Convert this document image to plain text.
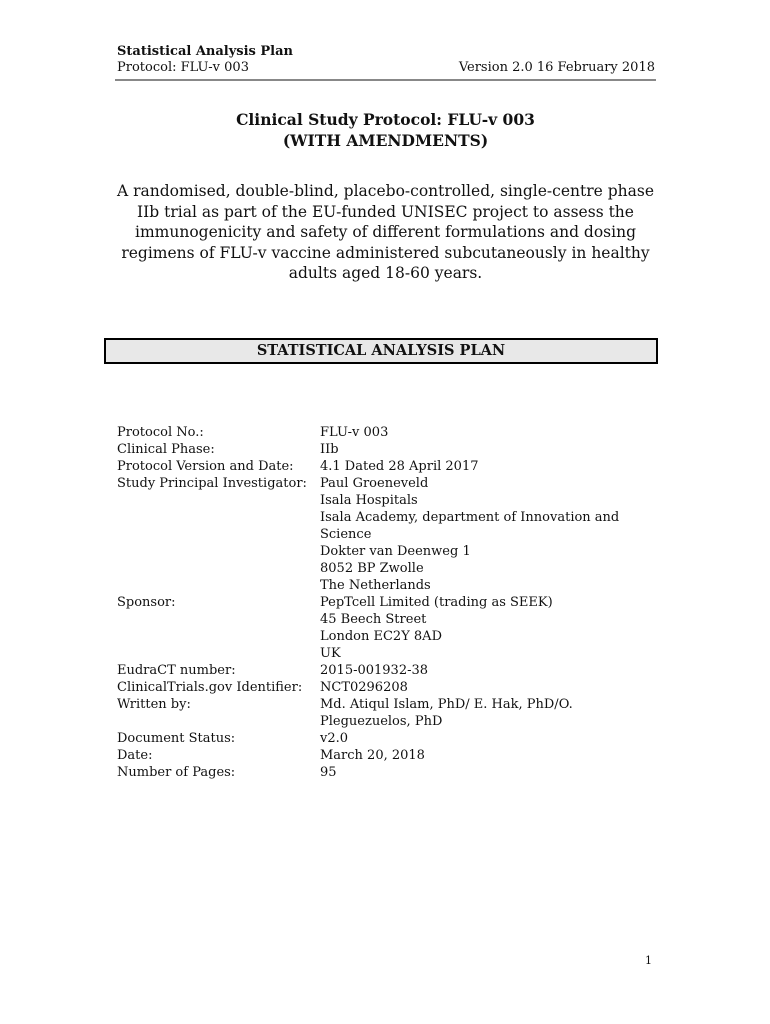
Statistical Analysis Plan
Protocol: FLU-v 003	Version 2.0 16 February 2018
Clinical Study Protocol: FLU-v 003
(WITH AMENDMENTS)
A randomised, double-blind, placebo-controlled, single-centre phase
IIb trial as part of the EU-funded UNISEC project to assess the
immunogenicity and safety of different formulations and dosing
regimens of FLU-v vaccine administered subcutaneously in healthy
adults aged 18-60 years.
STATISTICAL ANALYSIS PLAN
Protocol No.:	FLU-v 003
Clinical Phase:	IIb
Protocol Version and Date:	4.1 Dated 28 April 2017
Study Principal Investigator:	Paul Groeneveld
Isala Hospitals
Isala Academy, department of Innovation and
Science
Dokter van Deenweg 1
8052 BP Zwolle
The Netherlands
Sponsor:	PepTcell Limited (trading as SEEK)
45 Beech Street
London EC2Y 8AD
UK
EudraCT number:	2015-001932-38
ClinicalTrials.gov Identifier:	NCT0296208
Written by:	Md. Atiqul Islam, PhD/ E. Hak, PhD/O.
Pleguezuelos, PhD
Document Status:	v2.0
Date:	March 20, 2018
Number of Pages:	95
1
